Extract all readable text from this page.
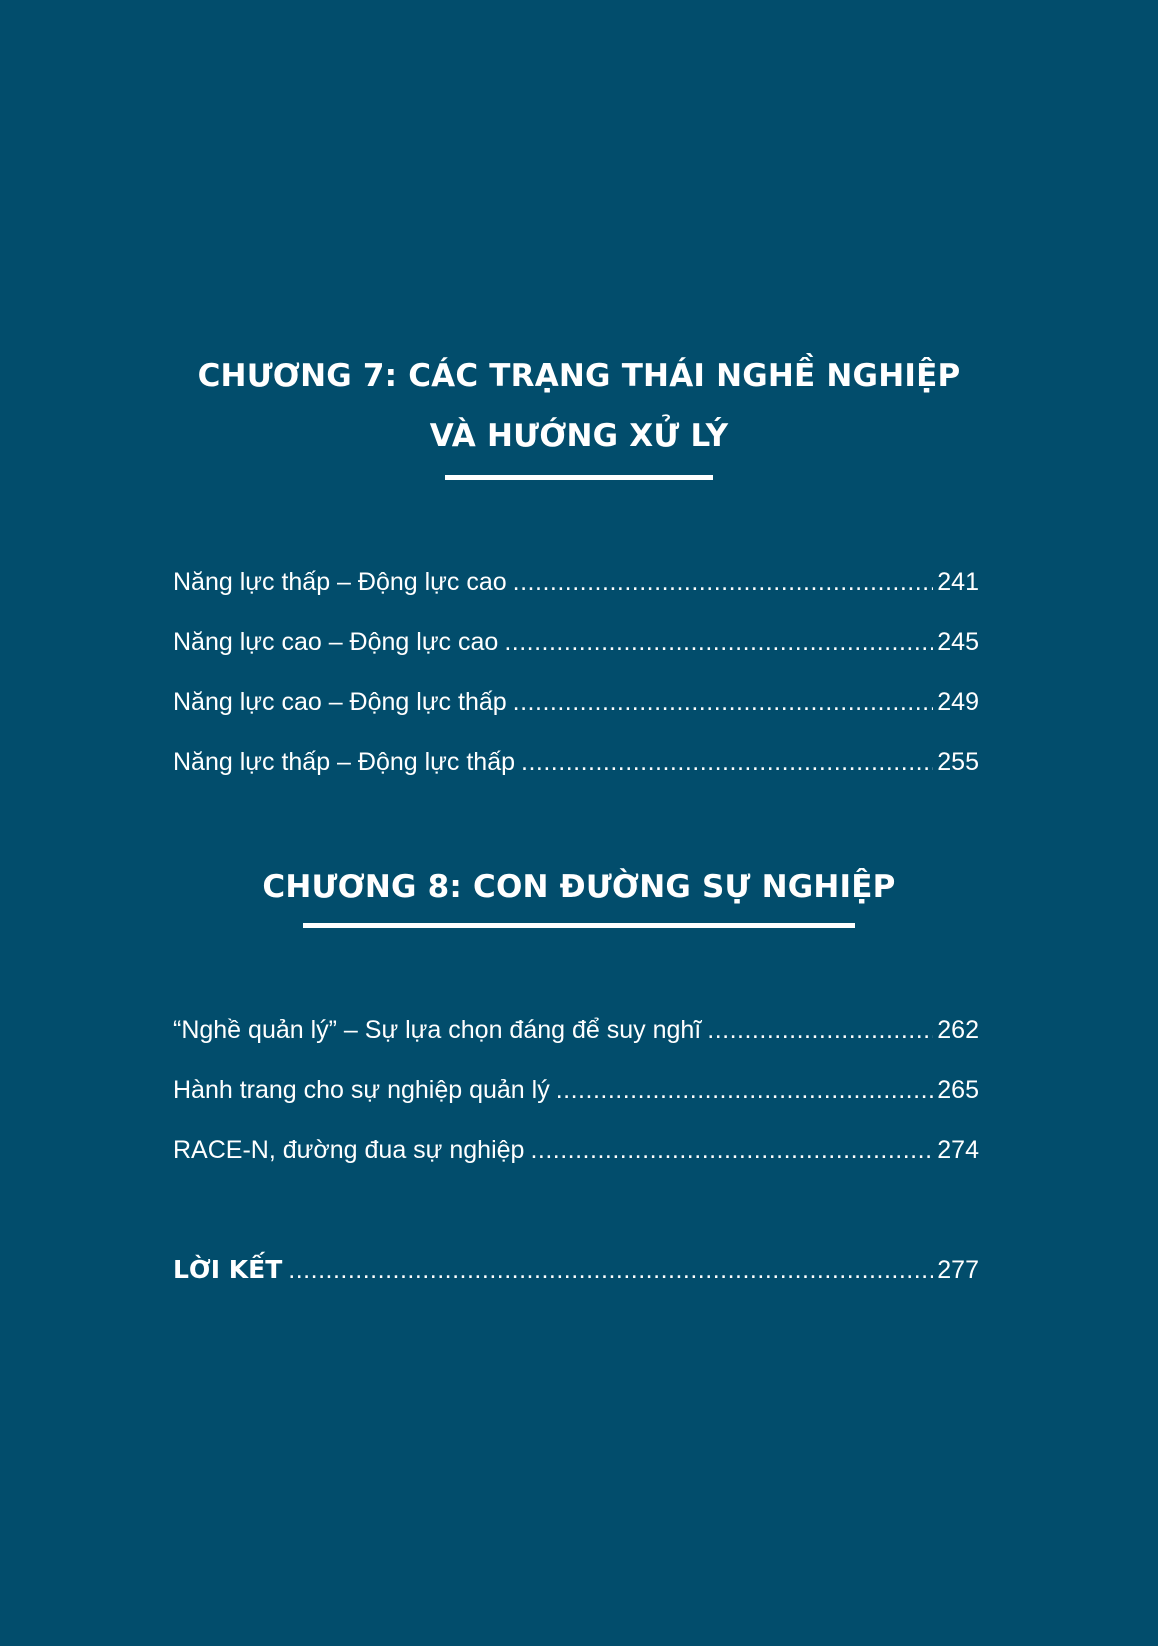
CHƯƠNG 7: CÁC TRẠNG THÁI NGHỀ NGHIỆP
VÀ HƯỚNG XỬ LÝ
Năng lực thấp – Động lực cao .....	241
Năng lực cao – Động lực cao .....	245
Năng lực cao – Động lực thấp .....	249
Năng lực thấp – Động lực thấp .....	255
CHƯƠNG 8: CON ĐƯỜNG SỰ NGHIỆP
“Nghề quản lý” – Sự lựa chọn đáng để suy nghĩ .....	262
Hành trang cho sự nghiệp quản lý .....	265
RACE-N, đường đua sự nghiệp .....	274
LỜI KẾT .....	277
